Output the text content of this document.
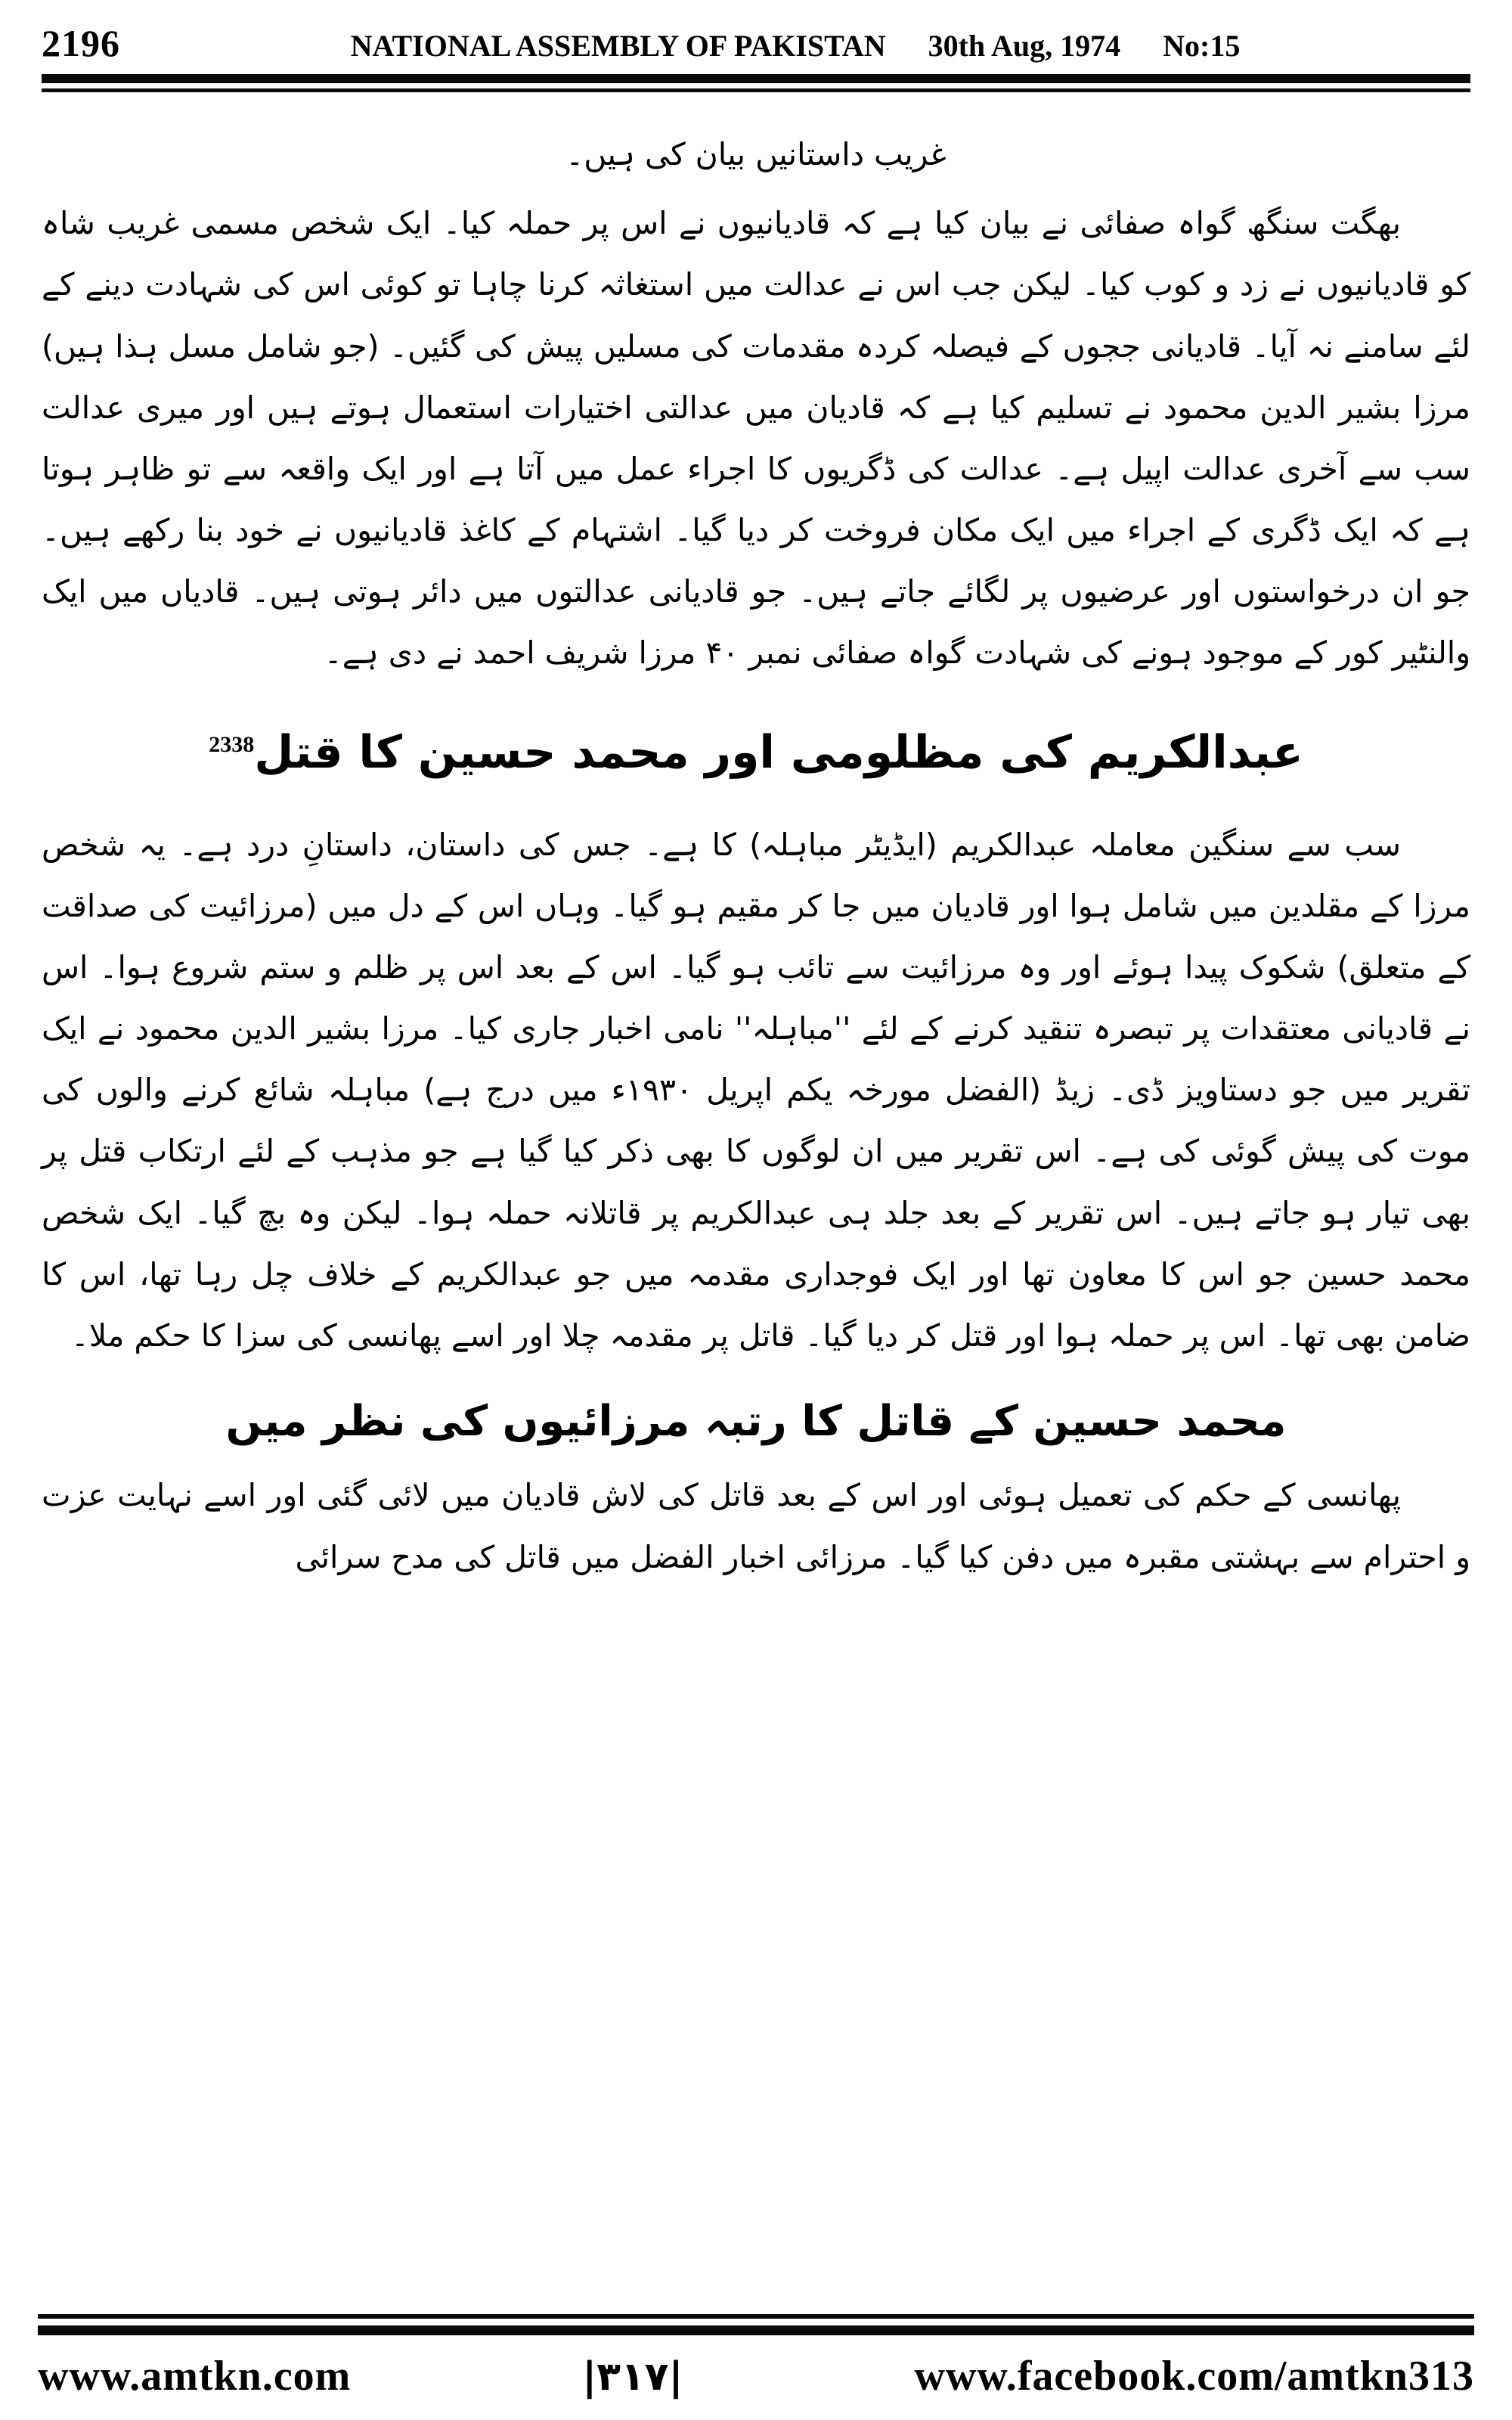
2196	NATIONAL ASSEMBLY OF PAKISTAN 30th Aug, 1974 No:15

غریب داستانیں بیان کی ہیں۔

بھگت سنگھ گواہ صفائی نے بیان کیا ہے کہ قادیانیوں نے اس پر حملہ کیا۔ ایک شخص مسمی غریب شاہ کو قادیانیوں نے زد و کوب کیا۔ لیکن جب اس نے عدالت میں استغاثہ کرنا چاہا تو کوئی اس کی شہادت دینے کے لئے سامنے نہ آیا۔ قادیانی ججوں کے فیصلہ کردہ مقدمات کی مسلیں پیش کی گئیں۔ (جو شامل مسل ہذا ہیں) مرزا بشیر الدین محمود نے تسلیم کیا ہے کہ قادیان میں عدالتی اختیارات استعمال ہوتے ہیں اور میری عدالت سب سے آخری عدالت اپیل ہے۔ عدالت کی ڈگریوں کا اجراء عمل میں آتا ہے اور ایک واقعہ سے تو ظاہر ہوتا ہے کہ ایک ڈگری کے اجراء میں ایک مکان فروخت کر دیا گیا۔ اشتہام کے کاغذ قادیانیوں نے خود بنا رکھے ہیں۔ جو ان درخواستوں اور عرضیوں پر لگائے جاتے ہیں۔ جو قادیانی عدالتوں میں دائر ہوتی ہیں۔ قادیاں میں ایک والنٹیر کور کے موجود ہونے کی شہادت گواہ صفائی نمبر ۴۰ مرزا شریف احمد نے دی ہے۔

عبدالکریم کی مظلومی اور محمد حسین کا قتل$^{2338}$

سب سے سنگین معاملہ عبدالکریم (ایڈیٹر مباہلہ) کا ہے۔ جس کی داستان، داستانِ درد ہے۔ یہ شخص مرزا کے مقلدین میں شامل ہوا اور قادیان میں جا کر مقیم ہو گیا۔ وہاں اس کے دل میں (مرزائیت کی صداقت کے متعلق) شکوک پیدا ہوئے اور وہ مرزائیت سے تائب ہو گیا۔ اس کے بعد اس پر ظلم و ستم شروع ہوا۔ اس نے قادیانی معتقدات پر تبصرہ تنقید کرنے کے لئے ''مباہلہ'' نامی اخبار جاری کیا۔ مرزا بشیر الدین محمود نے ایک تقریر میں جو دستاویز ڈی۔ زیڈ (الفضل مورخہ یکم اپریل ۱۹۳۰ء میں درج ہے) مباہلہ شائع کرنے والوں کی موت کی پیش گوئی کی ہے۔ اس تقریر میں ان لوگوں کا بھی ذکر کیا گیا ہے جو مذہب کے لئے ارتکاب قتل پر بھی تیار ہو جاتے ہیں۔ اس تقریر کے بعد جلد ہی عبدالکریم پر قاتلانہ حملہ ہوا۔ لیکن وہ بچ گیا۔ ایک شخص محمد حسین جو اس کا معاون تھا اور ایک فوجداری مقدمہ میں جو عبدالکریم کے خلاف چل رہا تھا، اس کا ضامن بھی تھا۔ اس پر حملہ ہوا اور قتل کر دیا گیا۔ قاتل پر مقدمہ چلا اور اسے پھانسی کی سزا کا حکم ملا۔

محمد حسین کے قاتل کا رتبہ مرزائیوں کی نظر میں

پھانسی کے حکم کی تعمیل ہوئی اور اس کے بعد قاتل کی لاش قادیان میں لائی گئی اور اسے نہایت عزت و احترام سے بہشتی مقبرہ میں دفن کیا گیا۔ مرزائی اخبار الفضل میں قاتل کی مدح سرائی

www.amtkn.com	|۳۱۷|	www.facebook.com/amtkn313
